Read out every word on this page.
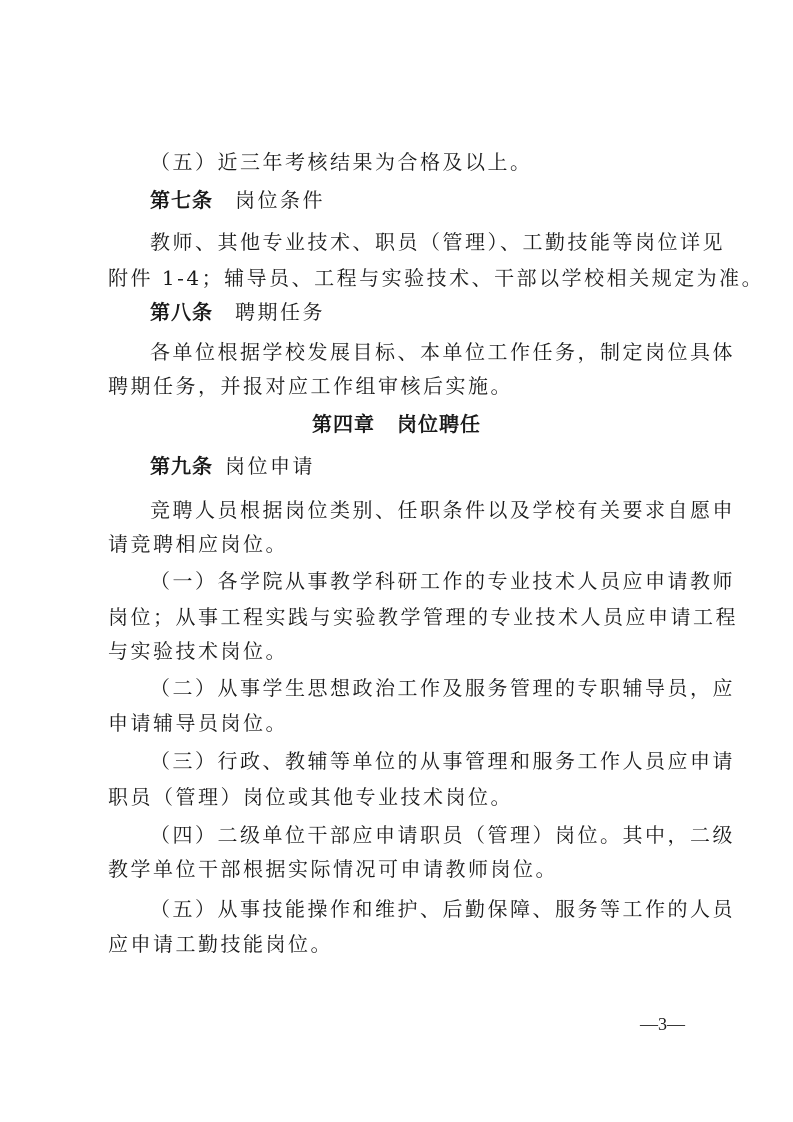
（五）近三年考核结果为合格及以上。
第七条 岗位条件
教师、其他专业技术、职员（管理）、工勤技能等岗位详见
附件 1-4；辅导员、工程与实验技术、干部以学校相关规定为准。
第八条 聘期任务
各单位根据学校发展目标、本单位工作任务，制定岗位具体
聘期任务，并报对应工作组审核后实施。
第四章 岗位聘任
第九条 岗位申请
竞聘人员根据岗位类别、任职条件以及学校有关要求自愿申
请竞聘相应岗位。
（一）各学院从事教学科研工作的专业技术人员应申请教师
岗位；从事工程实践与实验教学管理的专业技术人员应申请工程
与实验技术岗位。
（二）从事学生思想政治工作及服务管理的专职辅导员，应
申请辅导员岗位。
（三）行政、教辅等单位的从事管理和服务工作人员应申请
职员（管理）岗位或其他专业技术岗位。
（四）二级单位干部应申请职员（管理）岗位。其中，二级
教学单位干部根据实际情况可申请教师岗位。
（五）从事技能操作和维护、后勤保障、服务等工作的人员
应申请工勤技能岗位。
—3—
